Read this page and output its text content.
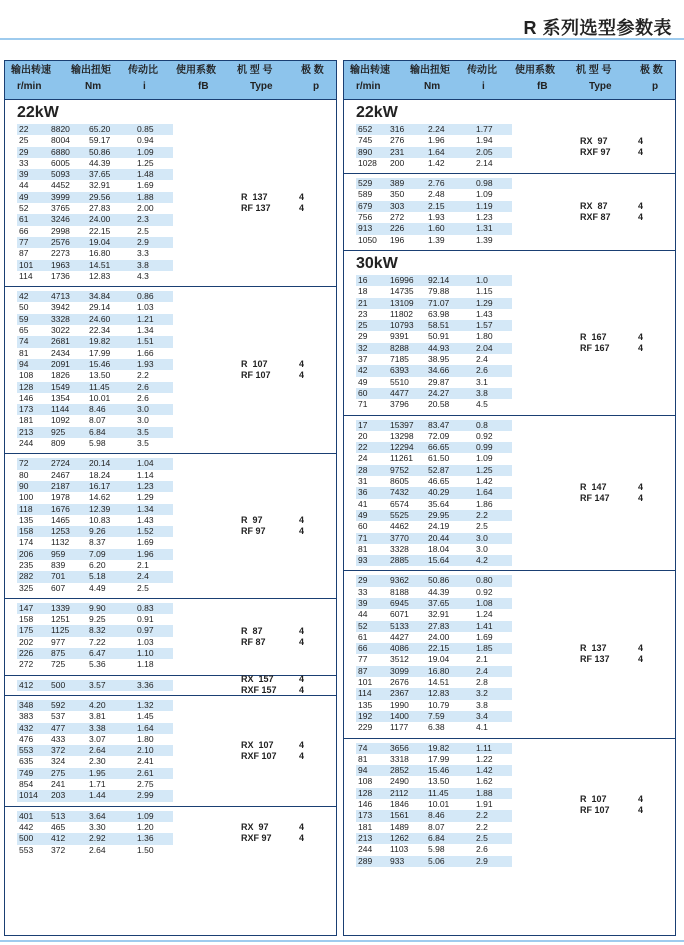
R 系列选型参数表
输出转速 输出扭矩 传动比 使用系数 机 型 号	极 数
r/min	Nm	i	fB	Type	p
22kW
22	8820	65.20	0.85
25	8004	59.17	0.94
29	6880	50.86	1.09
33	6005	44.39	1.25
39	5093	37.65	1.48
44	4452	32.91	1.69
49	3999	29.56	1.88
52	3765	27.83	2.00
61	3246	24.00	2.3
66	2998	22.15	2.5
77	2576	19.04	2.9
87	2273	16.80	3.3
101	1963	14.51	3.8
114	1736	12.83	4.3
R  137	4
RF 137	4
42	4713	34.84	0.86
50	3942	29.14	1.03
59	3328	24.60	1.21
65	3022	22.34	1.34
74	2681	19.82	1.51
81	2434	17.99	1.66
94	2091	15.46	1.93
108	1826	13.50	2.2
128	1549	11.45	2.6
146	1354	10.01	2.6
173	1144	8.46	3.0
181	1092	8.07	3.0
213	925	6.84	3.5
244	809	5.98	3.5
R  107	4
RF 107	4
72	2724	20.14	1.04
80	2467	18.24	1.14
90	2187	16.17	1.23
100	1978	14.62	1.29
118	1676	12.39	1.34
135	1465	10.83	1.43
158	1253	9.26	1.52
174	1132	8.37	1.69
206	959	7.09	1.96
235	839	6.20	2.1
282	701	5.18	2.4
325	607	4.49	2.5
R  97	4
RF 97	4
147	1339	9.90	0.83
158	1251	9.25	0.91
175	1125	8.32	0.97
202	977	7.22	1.03
226	875	6.47	1.10
272	725	5.36	1.18
R  87	4
RF 87	4
412	500	3.57	3.36
RX  157	4
RXF 157	4
348	592	4.20	1.32
383	537	3.81	1.45
432	477	3.38	1.64
476	433	3.07	1.80
553	372	2.64	2.10
635	324	2.30	2.41
749	275	1.95	2.61
854	241	1.71	2.75
1014	203	1.44	2.99
RX  107	4
RXF 107	4
401	513	3.64	1.09
442	465	3.30	1.20
500	412	2.92	1.36
553	372	2.64	1.50
RX  97	4
RXF 97	4
输出转速 输出扭矩 传动比 使用系数 机 型 号	极 数
r/min	Nm	i	fB	Type	p
22kW
652	316	2.24	1.77
745	276	1.96	1.94
890	231	1.64	2.05
1028	200	1.42	2.14
RX  97	4
RXF 97	4
529	389	2.76	0.98
589	350	2.48	1.09
679	303	2.15	1.19
756	272	1.93	1.23
913	226	1.60	1.31
1050	196	1.39	1.39
RX  87	4
RXF 87	4
30kW
16	16996	92.14	1.0
18	14735	79.88	1.15
21	13109	71.07	1.29
23	11802	63.98	1.43
25	10793	58.51	1.57
29	9391	50.91	1.80
32	8288	44.93	2.04
37	7185	38.95	2.4
42	6393	34.66	2.6
49	5510	29.87	3.1
60	4477	24.27	3.8
71	3796	20.58	4.5
R  167	4
RF 167	4
17	15397	83.47	0.8
20	13298	72.09	0.92
22	12294	66.65	0.99
24	11261	61.50	1.09
28	9752	52.87	1.25
31	8605	46.65	1.42
36	7432	40.29	1.64
41	6574	35.64	1.86
49	5525	29.95	2.2
60	4462	24.19	2.5
71	3770	20.44	3.0
81	3328	18.04	3.0
93	2885	15.64	4.2
R  147	4
RF 147	4
29	9362	50.86	0.80
33	8188	44.39	0.92
39	6945	37.65	1.08
44	6071	32.91	1.24
52	5133	27.83	1.41
61	4427	24.00	1.69
66	4086	22.15	1.85
77	3512	19.04	2.1
87	3099	16.80	2.4
101	2676	14.51	2.8
114	2367	12.83	3.2
135	1990	10.79	3.8
192	1400	7.59	3.4
229	1177	6.38	4.1
R  137	4
RF 137	4
74	3656	19.82	1.11
81	3318	17.99	1.22
94	2852	15.46	1.42
108	2490	13.50	1.62
128	2112	11.45	1.88
146	1846	10.01	1.91
173	1561	8.46	2.2
181	1489	8.07	2.2
213	1262	6.84	2.5
244	1103	5.98	2.6
289	933	5.06	2.9
R  107	4
RF 107	4
